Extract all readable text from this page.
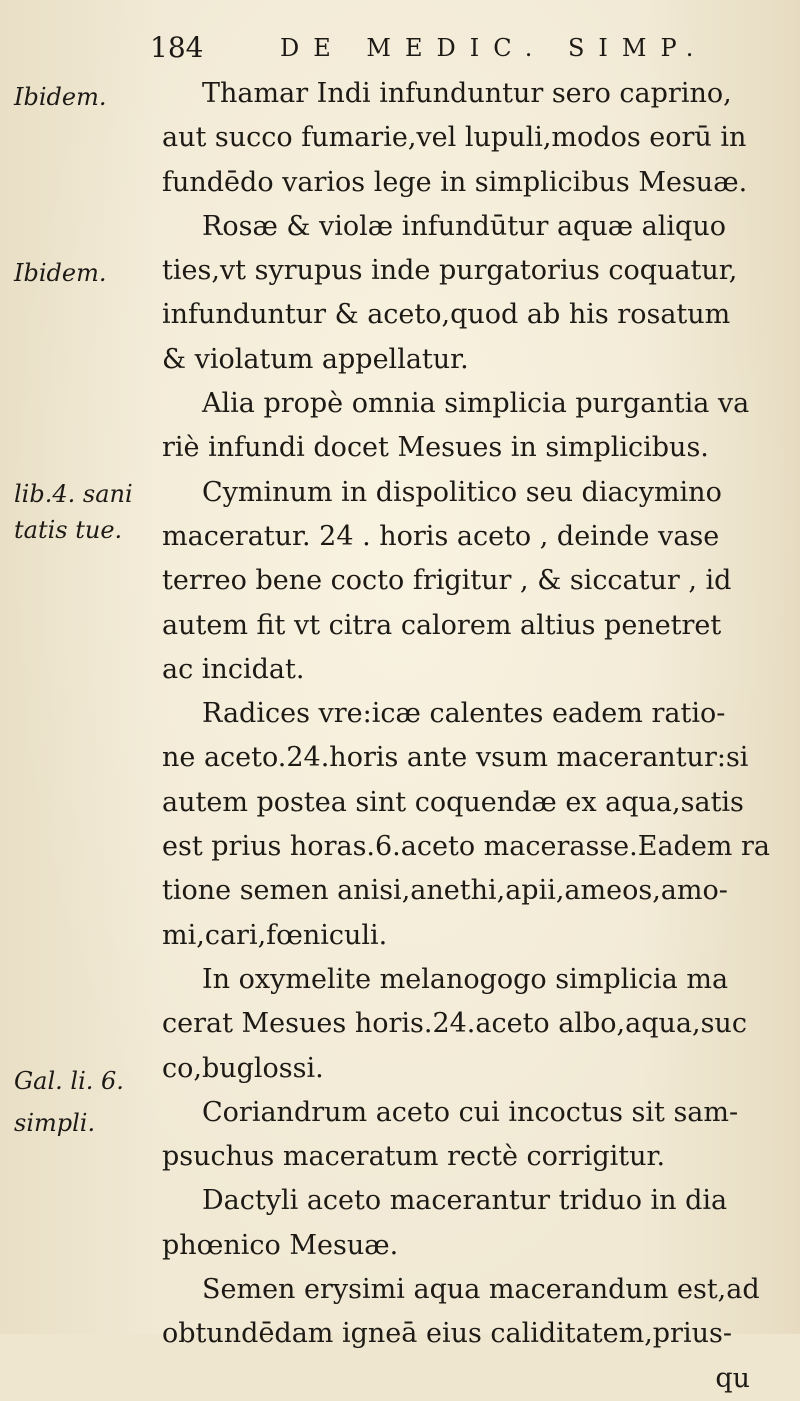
184	DE MEDIC. SIMP.
Ibidem.
Ibidem.
lib.4. sani
tatis tue.
Gal. li. 6.
simpli.
Thamar Indi infunduntur sero caprino,
aut succo fumarie,vel lupuli,modos eorū in
fundēdo varios lege in simplicibus Mesuæ.
Rosæ & violæ infundūtur aquæ aliquo
ties,vt syrupus inde purgatorius coquatur,
infunduntur & aceto,quod ab his rosatum
& violatum appellatur.
Alia propè omnia simplicia purgantia va
riè infundi docet Mesues in simplicibus.
Cyminum in dispolitico seu diacymino
maceratur. 24 . horis aceto , deinde vase
terreo bene cocto frigitur , & siccatur , id
autem fit vt citra calorem altius penetret
ac incidat.
Radices vre:icæ calentes eadem ratio-
ne aceto.24.horis ante vsum macerantur:si
autem postea sint coquendæ ex aqua,satis
est prius horas.6.aceto macerasse.Eadem ra
tione semen anisi,anethi,apii,ameos,amo-
mi,cari,fœniculi.
In oxymelite melanogogo simplicia ma
cerat Mesues horis.24.aceto albo,aqua,suc
co,buglossi.
Coriandrum aceto cui incoctus sit sam-
psuchus maceratum rectè corrigitur.
Dactyli aceto macerantur triduo in dia
phœnico Mesuæ.
Semen erysimi aqua macerandum est,ad
obtundēdam igneā eius caliditatem,prius-
qu
